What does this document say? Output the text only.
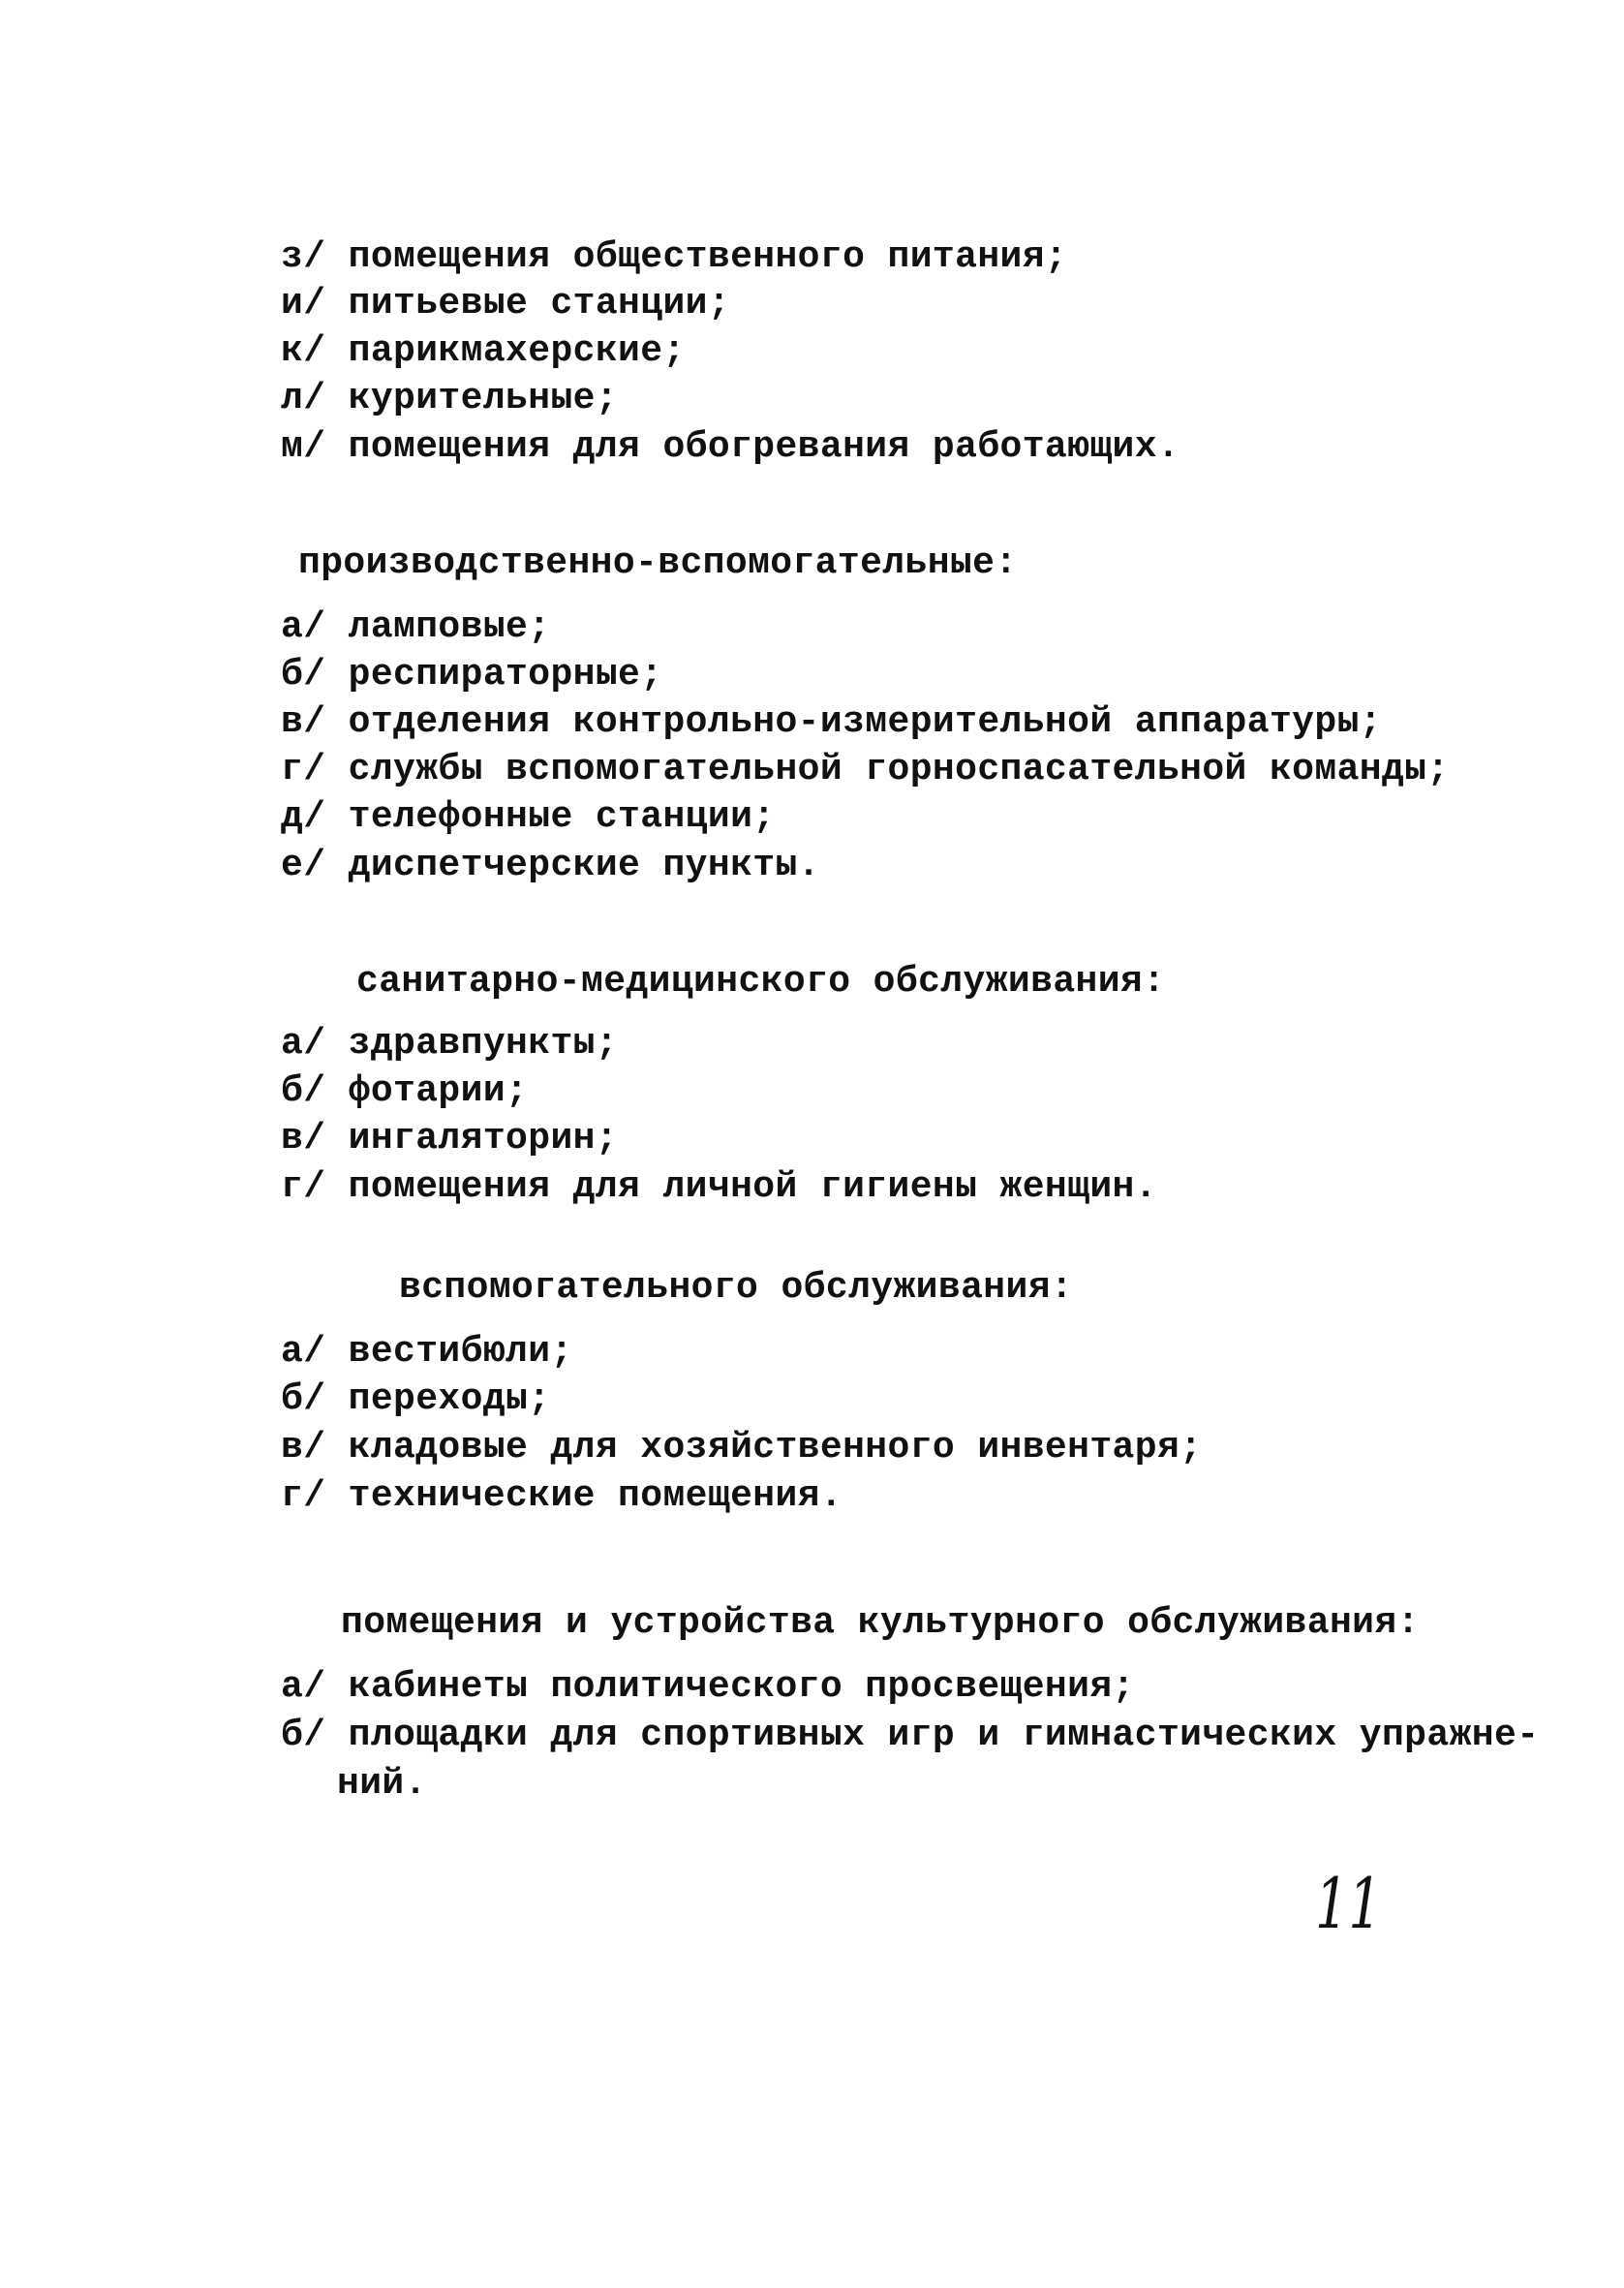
з/ помещения общественного питания;
и/ питьевые станции;
к/ парикмахерские;
л/ курительные;
м/ помещения для обогревания работающих.
производственно-вспомогательные:
а/ ламповые;
б/ респираторные;
в/ отделения контрольно-измерительной аппаратуры;
г/ службы вспомогательной горноспасательной команды;
д/ телефонные станции;
е/ диспетчерские пункты.
санитарно-медицинского обслуживания:
а/ здравпункты;
б/ фотарии;
в/ ингаляторин;
г/ помещения для личной гигиены женщин.
вспомогательного обслуживания:
а/ вестибюли;
б/ переходы;
в/ кладовые для хозяйственного инвентаря;
г/ технические помещения.
помещения и устройства культурного обслуживания:
а/ кабинеты политического просвещения;
б/ площадки для спортивных игр и гимнастических упражне-
ний.
11
